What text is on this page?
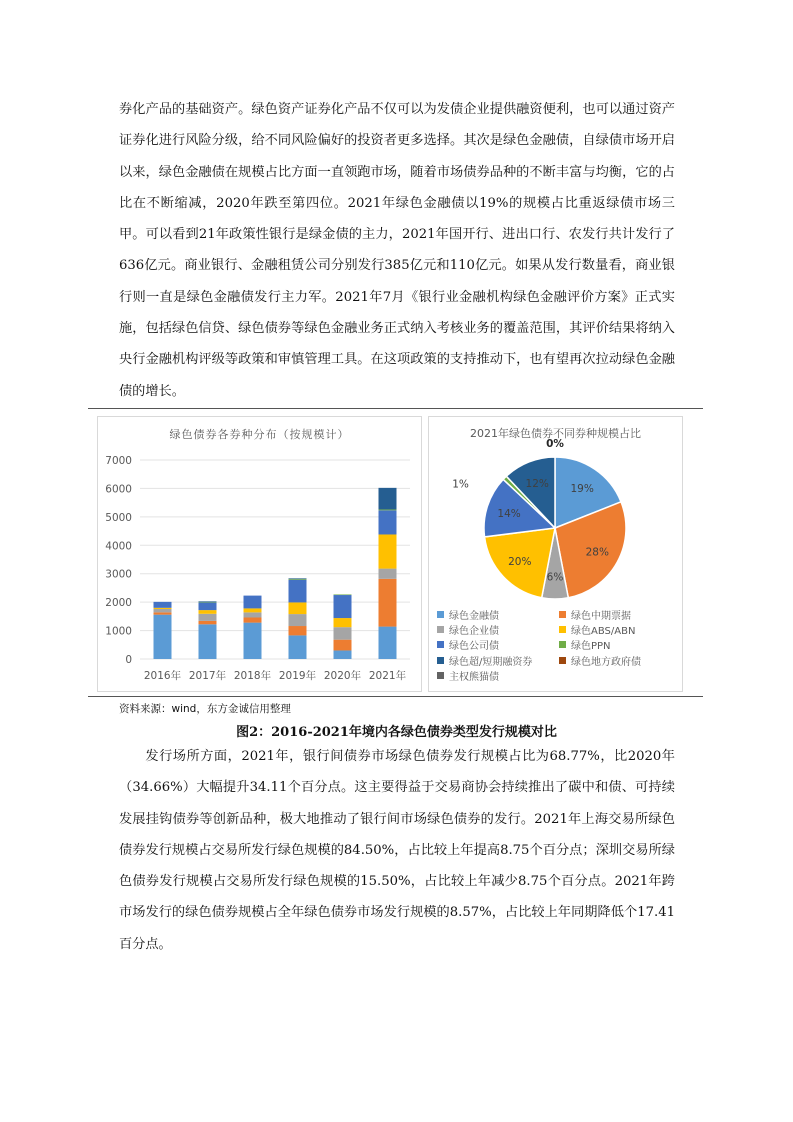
券化产品的基础资产。绿色资产证券化产品不仅可以为发债企业提供融资便利，也可以通过资产证券化进行风险分级，给不同风险偏好的投资者更多选择。其次是绿色金融债，自绿债市场开启以来，绿色金融债在规模占比方面一直领跑市场，随着市场债券品种的不断丰富与均衡，它的占比在不断缩减，2020年跌至第四位。2021年绿色金融债以19%的规模占比重返绿债市场三甲。可以看到21年政策性银行是绿金债的主力，2021年国开行、进出口行、农发行共计发行了636亿元。商业银行、金融租赁公司分别发行385亿元和110亿元。如果从发行数量看，商业银行则一直是绿色金融债发行主力军。2021年7月《银行业金融机构绿色金融评价方案》正式实施，包括绿色信贷、绿色债券等绿色金融业务正式纳入考核业务的覆盖范围，其评价结果将纳入央行金融机构评级等政策和审慎管理工具。在这项政策的支持推动下，也有望再次拉动绿色金融债的增长。

绿色债券各券种分布（按规模计）
0
1000
2000
3000
4000
5000
6000
7000
2016年 2017年 2018年 2019年 2020年 2021年
2021年绿色债券不同券种规模占比
19%
28%
6%
20%
14%
1%	12%
0%
绿色金融债	绿色中期票据
绿色企业债	绿色ABS/ABN
绿色公司债	绿色PPN
绿色超/短期融资券	绿色地方政府债
主权熊猫债
资料来源：wind，东方金诚信用整理
图2：2016-2021年境内各绿色债券类型发行规模对比

发行场所方面，2021年，银行间债券市场绿色债券发行规模占比为68.77%，比2020年（34.66%）大幅提升34.11个百分点。这主要得益于交易商协会持续推出了碳中和债、可持续发展挂钩债券等创新品种，极大地推动了银行间市场绿色债券的发行。2021年上海交易所绿色债券发行规模占交易所发行绿色规模的84.50%，占比较上年提高8.75个百分点；深圳交易所绿色债券发行规模占交易所发行绿色规模的15.50%，占比较上年减少8.75个百分点。2021年跨市场发行的绿色债券规模占全年绿色债券市场发行规模的8.57%，占比较上年同期降低个17.41百分点。
